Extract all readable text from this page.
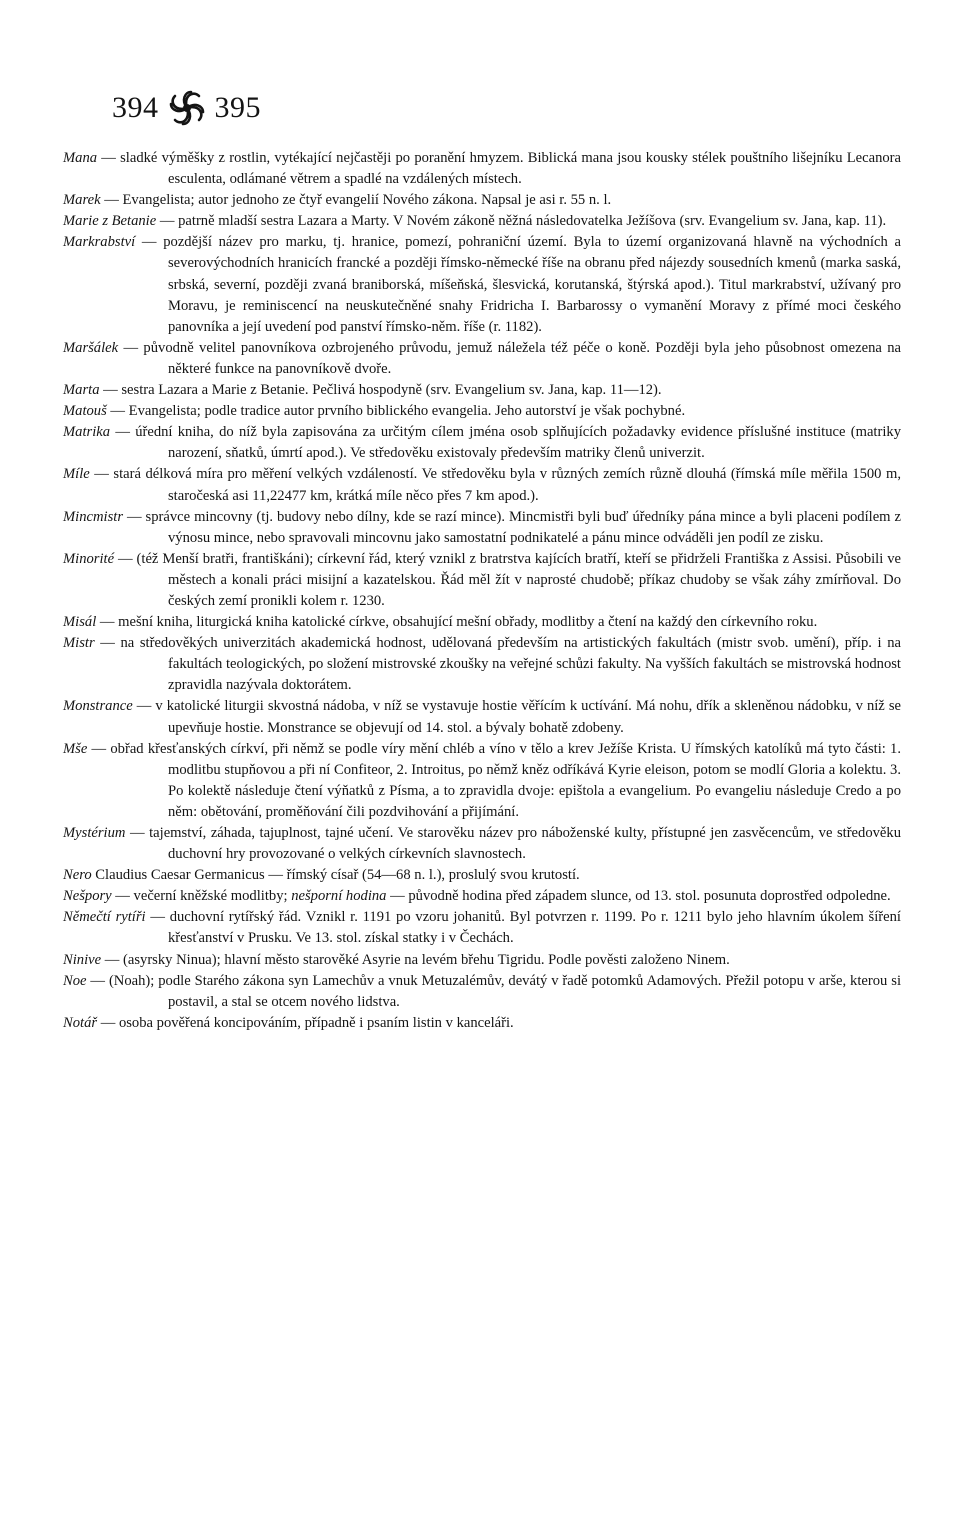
394 395

Mana — sladké výměšky z rostlin, vytékající nejčastěji po poranění hmyzem. Biblická mana jsou kousky stélek pouštního lišejníku Lecanora esculenta, odlámané větrem a spadlé na vzdálených místech.

Marek — Evangelista; autor jednoho ze čtyř evangelií Nového zákona. Napsal je asi r. 55 n. l.

Marie z Betanie — patrně mladší sestra Lazara a Marty. V Novém zákoně něžná následovatelka Ježíšova (srv. Evangelium sv. Jana, kap. 11).

Markrabství — pozdější název pro marku, tj. hranice, pomezí, pohraniční území. Byla to území organizovaná hlavně na východních a severovýchodních hranicích francké a později římsko-německé říše na obranu před nájezdy sousedních kmenů (marka saská, srbská, severní, později zvaná braniborská, míšeňská, šlesvická, korutanská, štýrská apod.). Titul markrabství, užívaný pro Moravu, je reminiscencí na neuskutečněné snahy Fridricha I. Barbarossy o vymanění Moravy z přímé moci českého panovníka a její uvedení pod panství římsko-něm. říše (r. 1182).

Maršálek — původně velitel panovníkova ozbrojeného průvodu, jemuž náležela též péče o koně. Později byla jeho působnost omezena na některé funkce na panovníkově dvoře.

Marta — sestra Lazara a Marie z Betanie. Pečlivá hospodyně (srv. Evangelium sv. Jana, kap. 11—12).

Matouš — Evangelista; podle tradice autor prvního biblického evangelia. Jeho autorství je však pochybné.

Matrika — úřední kniha, do níž byla zapisována za určitým cílem jména osob splňujících požadavky evidence příslušné instituce (matriky narození, sňatků, úmrtí apod.). Ve středověku existovaly především matriky členů univerzit.

Míle — stará délková míra pro měření velkých vzdáleností. Ve středověku byla v různých zemích různě dlouhá (římská míle měřila 1500 m, staročeská asi 11,22477 km, krátká míle něco přes 7 km apod.).

Mincmistr — správce mincovny (tj. budovy nebo dílny, kde se razí mince). Mincmistři byli buď úředníky pána mince a byli placeni podílem z výnosu mince, nebo spravovali mincovnu jako samostatní podnikatelé a pánu mince odváděli jen podíl ze zisku.

Minorité — (též Menší bratři, františkáni); církevní řád, který vznikl z bratrstva kajících bratří, kteří se přidrželi Františka z Assisi. Působili ve městech a konali práci misijní a kazatelskou. Řád měl žít v naprosté chudobě; příkaz chudoby se však záhy zmírňoval. Do českých zemí pronikli kolem r. 1230.

Misál — mešní kniha, liturgická kniha katolické církve, obsahující mešní obřady, modlitby a čtení na každý den církevního roku.

Mistr — na středověkých univerzitách akademická hodnost, udělovaná především na artistických fakultách (mistr svob. umění), příp. i na fakultách teologických, po složení mistrovské zkoušky na veřejné schůzi fakulty. Na vyšších fakultách se mistrovská hodnost zpravidla nazývala doktorátem.

Monstrance — v katolické liturgii skvostná nádoba, v níž se vystavuje hostie věřícím k uctívání. Má nohu, dřík a skleněnou nádobku, v níž se upevňuje hostie. Monstrance se objevují od 14. stol. a bývaly bohatě zdobeny.

Mše — obřad křesťanských církví, při němž se podle víry mění chléb a víno v tělo a krev Ježíše Krista. U římských katolíků má tyto části: 1. modlitbu stupňovou a při ní Confiteor, 2. Introitus, po němž kněz odříkává Kyrie eleison, potom se modlí Gloria a kolektu. 3. Po kolektě následuje čtení výňatků z Písma, a to zpravidla dvoje: epištola a evangelium. Po evangeliu následuje Credo a po něm: obětování, proměňování čili pozdvihování a přijímání.

Mystérium — tajemství, záhada, tajuplnost, tajné učení. Ve starověku název pro náboženské kulty, přístupné jen zasvěcencům, ve středověku duchovní hry provozované o velkých církevních slavnostech.

Nero Claudius Caesar Germanicus — římský císař (54—68 n. l.), proslulý svou krutostí.

Nešpory — večerní kněžské modlitby; nešporní hodina — původně hodina před západem slunce, od 13. stol. posunuta doprostřed odpoledne.

Němečtí rytíři — duchovní rytířský řád. Vznikl r. 1191 po vzoru johanitů. Byl potvrzen r. 1199. Po r. 1211 bylo jeho hlavním úkolem šíření křesťanství v Prusku. Ve 13. stol. získal statky i v Čechách.

Ninive — (asyrsky Ninua); hlavní město starověké Asyrie na levém břehu Tigridu. Podle pověsti založeno Ninem.

Noe — (Noah); podle Starého zákona syn Lamechův a vnuk Metuzalémův, devátý v řadě potomků Adamových. Přežil potopu v arše, kterou si postavil, a stal se otcem nového lidstva.

Notář — osoba pověřená koncipováním, případně i psaním listin v kanceláři.
